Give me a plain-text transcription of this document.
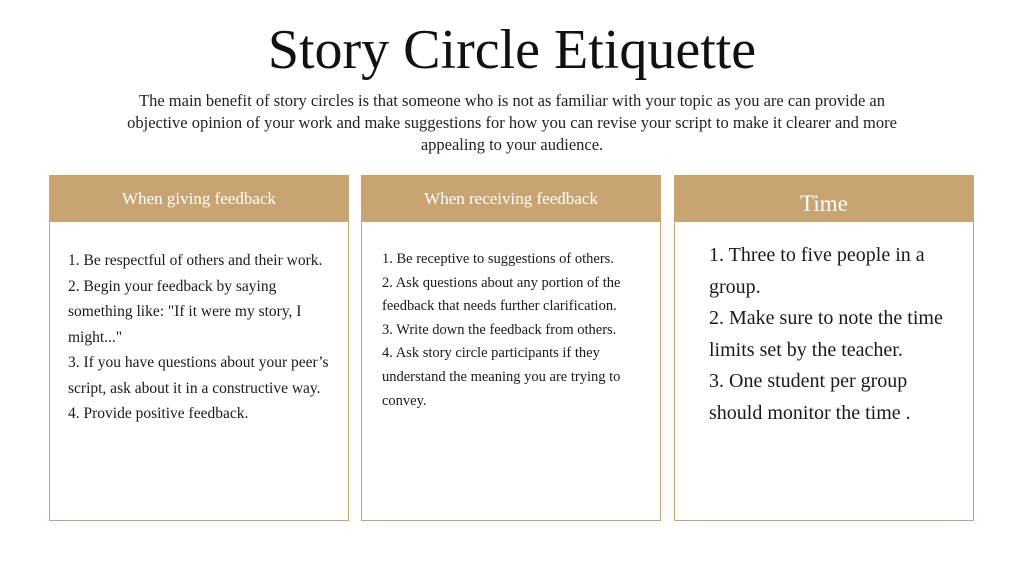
Story Circle Etiquette

The main benefit of story circles is that someone who is not as familiar with your topic as you are can provide an objective opinion of your work and make suggestions for how you can revise your script to make it clearer and more appealing to your audience.

When giving feedback

1. Be respectful of others and their work.
2. Begin your feedback by saying something like: "If it were my story, I might..."
3. If you have questions about your peer’s script, ask about it in a constructive way.
4. Provide positive feedback.

When receiving feedback

1. Be receptive to suggestions of others.
2. Ask questions about any portion of the feedback that needs further clarification.
3. Write down the feedback from others.
4. Ask story circle participants if they understand the meaning you are trying to convey.

Time

1. Three to five people in a group.
2. Make sure to note the time limits set by the teacher.
3. One student per group should monitor the time .
